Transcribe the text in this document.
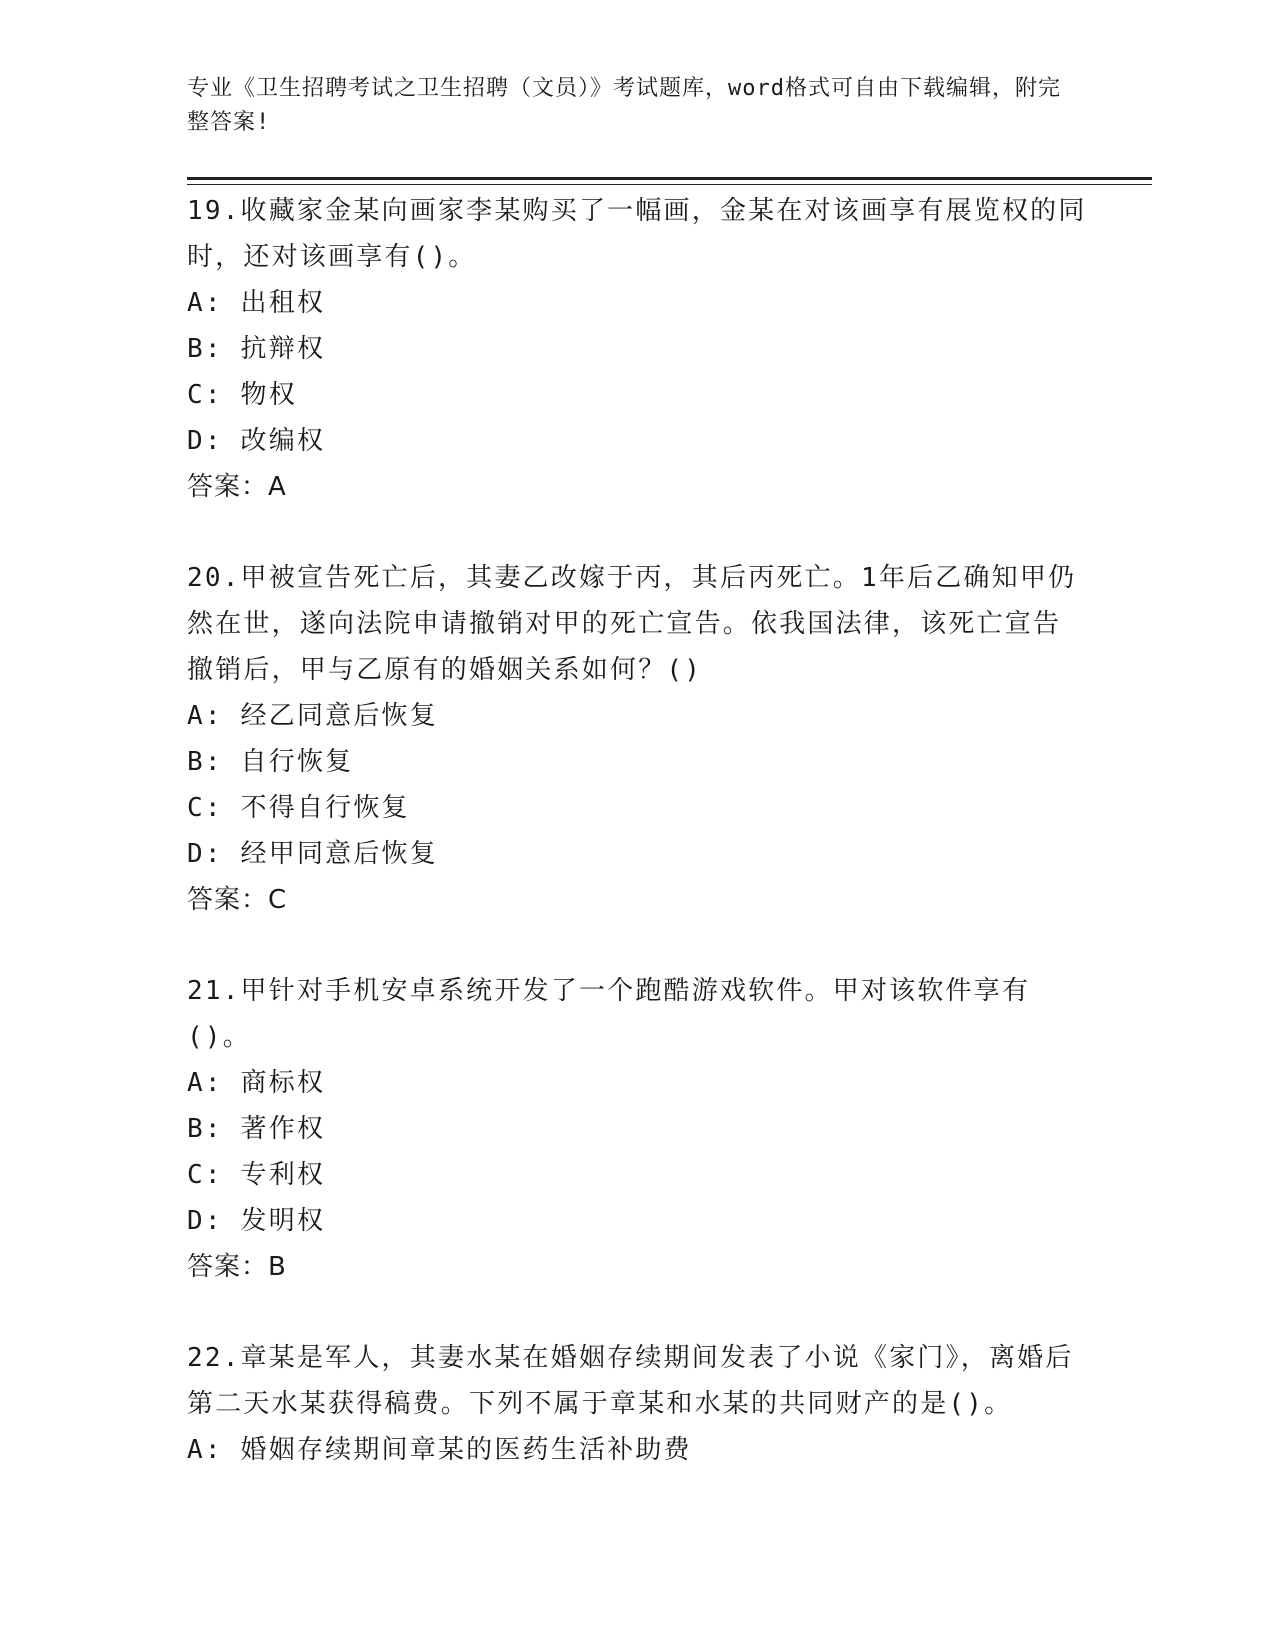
专业《卫生招聘考试之卫生招聘（文员）》考试题库，word格式可自由下载编辑，附完整答案!

19.收藏家金某向画家李某购买了一幅画，金某在对该画享有展览权的同时，还对该画享有()。

A: 出租权

B: 抗辩权

C: 物权

D: 改编权

答案：A

20.甲被宣告死亡后，其妻乙改嫁于丙，其后丙死亡。1年后乙确知甲仍然在世，遂向法院申请撤销对甲的死亡宣告。依我国法律，该死亡宣告撤销后，甲与乙原有的婚姻关系如何？()

A: 经乙同意后恢复

B: 自行恢复

C: 不得自行恢复

D: 经甲同意后恢复

答案：C

21.甲针对手机安卓系统开发了一个跑酷游戏软件。甲对该软件享有()。

A: 商标权

B: 著作权

C: 专利权

D: 发明权

答案：B

22.章某是军人，其妻水某在婚姻存续期间发表了小说《家门》，离婚后第二天水某获得稿费。下列不属于章某和水某的共同财产的是()。

A: 婚姻存续期间章某的医药生活补助费
